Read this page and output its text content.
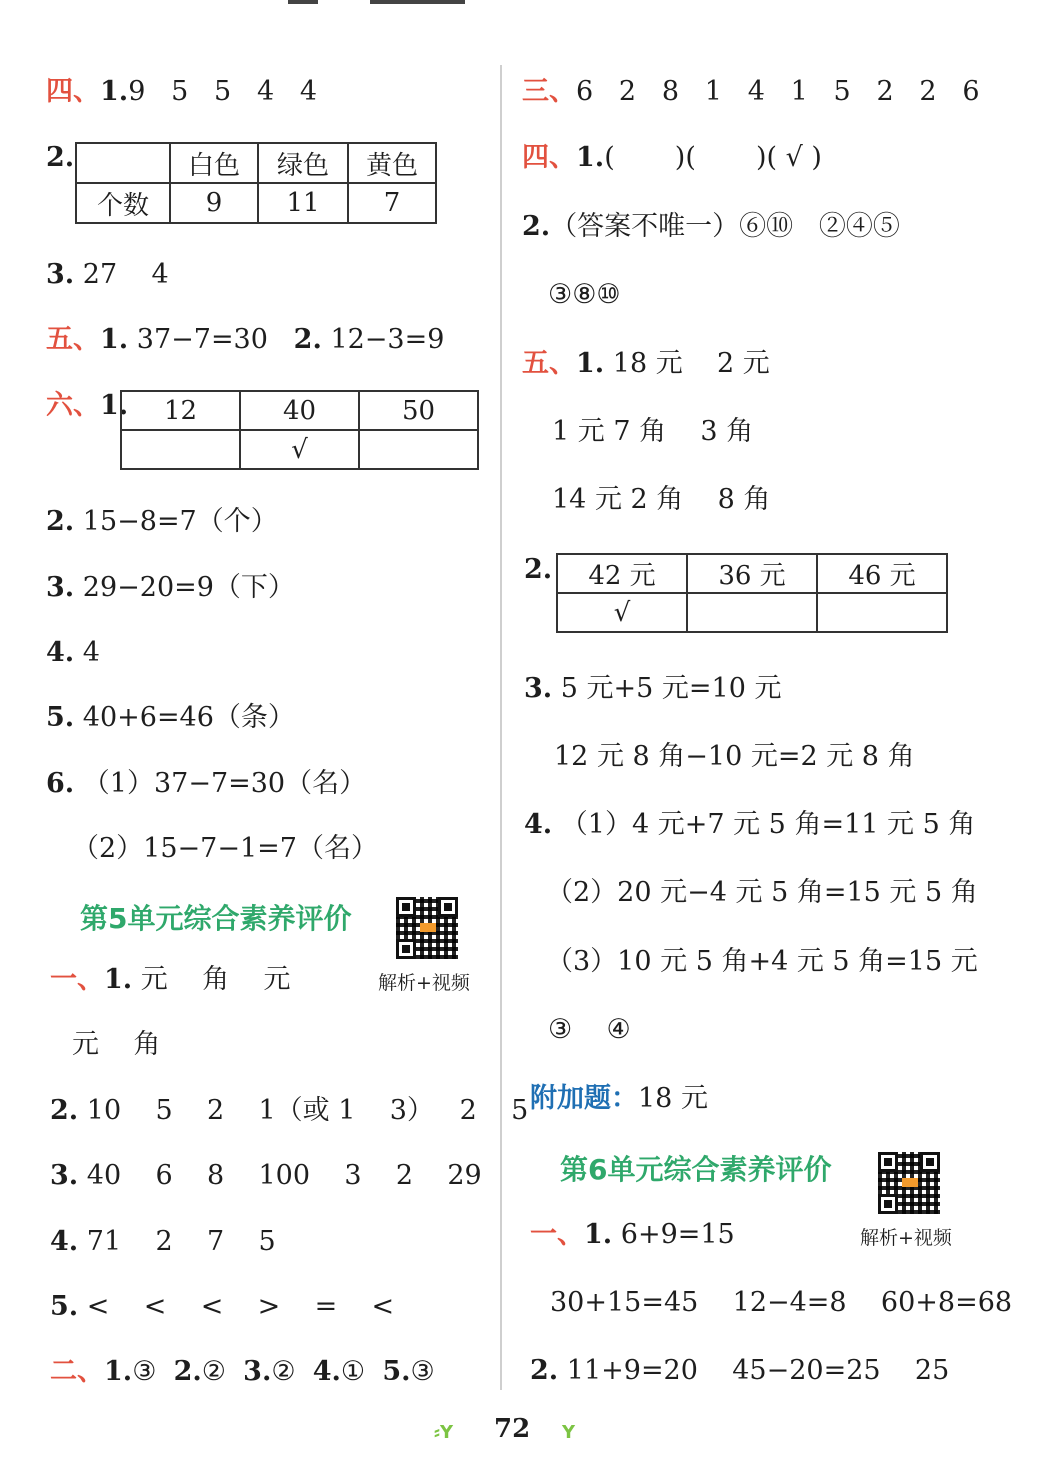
四、1.9   5   5   4   4
2.
		白色	绿色	黄色
个数	9	11	7
3. 27    4
五、1. 37−7=30   2. 12−3=9
六、1. 12	40	50
	√	
2. 15−8=7（个）
3. 29−20=9（下）
4. 4
5. 40+6=46（条）
6. （1）37−7=30（名）
（2）15−7−1=7（名）
第5单元综合素养评价
解析+视频
一、1. 元    角    元
元    角
2. 10    5    2    1（或 1    3）   2    5
3. 40    6    8    100    3    2    29
4. 71    2    7    5
5. <    <    <    >    =    <
二、1.③ 2.② 3.② 4.① 5.③
三、6   2   8   1   4   1   5   2   2   6
四、1.(       )(       )( √ )
2.（答案不唯一）⑥⑩   ②④⑤
③⑧⑩
五、1. 18 元    2 元
1 元 7 角    3 角
14 元 2 角    8 角
2. 42 元	36 元	46 元
√		
3. 5 元+5 元=10 元
12 元 8 角−10 元=2 元 8 角
4. （1）4 元+7 元 5 角=11 元 5 角
（2）20 元−4 元 5 角=15 元 5 角
（3）10 元 5 角+4 元 5 角=15 元
③    ④
附加题：18 元
第6单元综合素养评价
解析+视频
一、1. 6+9=15
30+15=45    12−4=8    60+8=68
2. 11+9=20    45−20=25    25
⸗Y 72 Y
